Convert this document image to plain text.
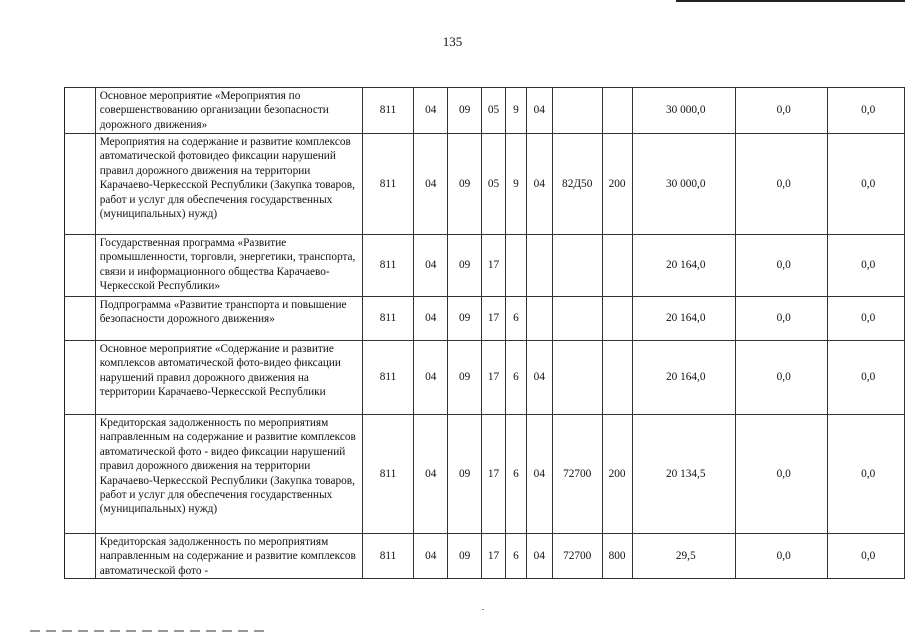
135
	Основное мероприятие «Мероприятия по совершенствованию организации безопасности дорожного движения»	811	04	09	05	9	04			30 000,0	0,0	0,0
	Мероприятия на содержание и развитие комплексов автоматической фотовидео фиксации нарушений правил дорожного движения на территории Карачаево-Черкесской Республики (Закупка товаров, работ и услуг для обеспечения государственных (муниципальных) нужд)	811	04	09	05	9	04	82Д50	200	30 000,0	0,0	0,0
	Государственная программа «Развитие промышленности, торговли, энергетики, транспорта, связи и информационного общества Карачаево-Черкесской Республики»	811	04	09	17					20 164,0	0,0	0,0
	Подпрограмма «Развитие транспорта и повышение безопасности дорожного движения»	811	04	09	17	6				20 164,0	0,0	0,0
	Основное мероприятие «Содержание и развитие комплексов автоматической фото-видео фиксации нарушений правил дорожного движения на территории Карачаево-Черкесской Республики	811	04	09	17	6	04			20 164,0	0,0	0,0
	Кредиторская задолженность по мероприятиям направленным на содержание и развитие комплексов автоматической фото - видео фиксации нарушений правил дорожного движения на территории Карачаево-Черкесской Республики (Закупка товаров, работ и услуг для обеспечения государственных (муниципальных) нужд)	811	04	09	17	6	04	72700	200	20 134,5	0,0	0,0
	Кредиторская задолженность по мероприятиям направленным на содержание и развитие комплексов автоматической фото -	811	04	09	17	6	04	72700	800	29,5	0,0	0,0
